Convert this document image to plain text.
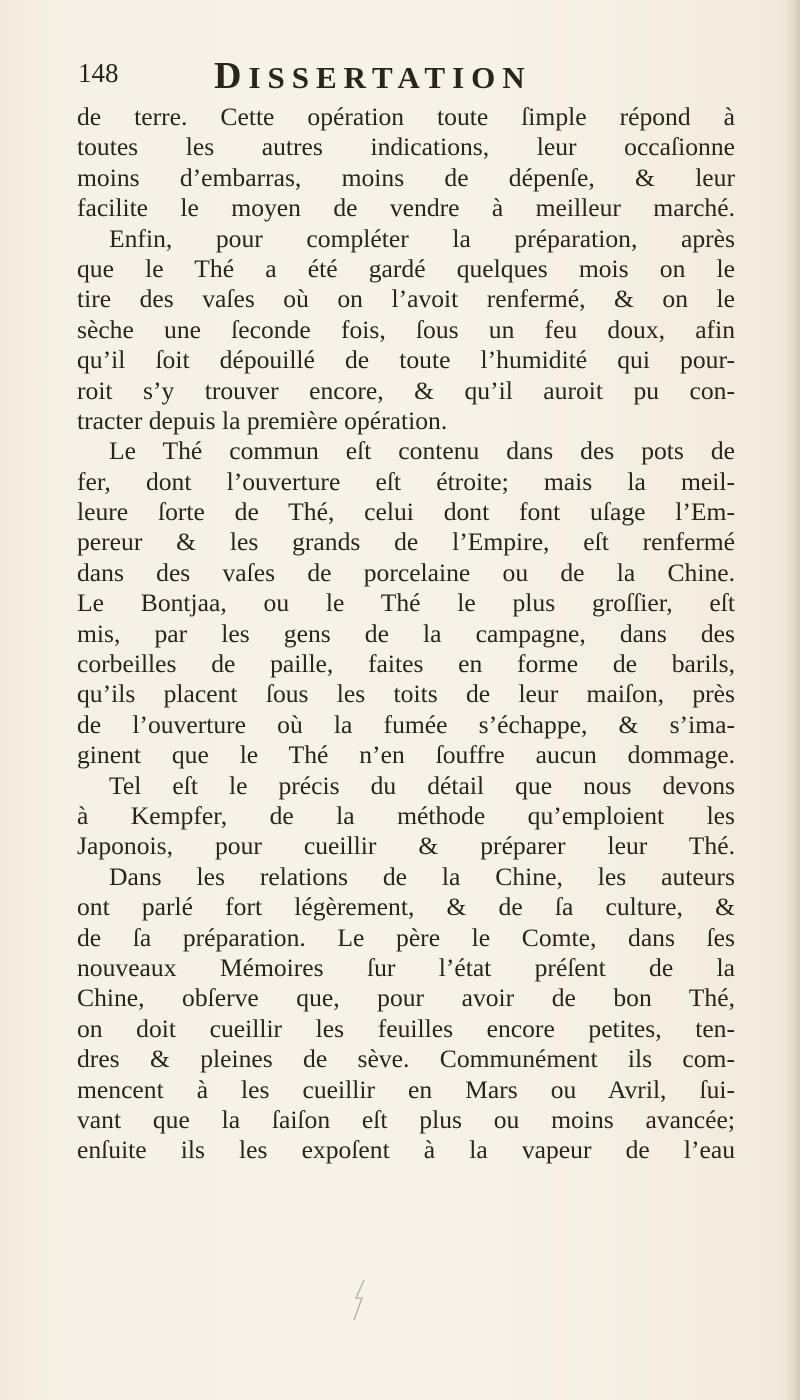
148	DISSERTATION
de terre. Cette opération toute ſimple répond à
toutes les autres indications, leur occaſionne
moins d’embarras, moins de dépenſe, & leur
facilite le moyen de vendre à meilleur marché.
Enfin, pour compléter la préparation, après
que le Thé a été gardé quelques mois on le
tire des vaſes où on l’avoit renfermé, & on le
sèche une ſeconde fois, ſous un feu doux, afin
qu’il ſoit dépouillé de toute l’humidité qui pour-
roit s’y trouver encore, & qu’il auroit pu con-
tracter depuis la première opération.
Le Thé commun eſt contenu dans des pots de
fer, dont l’ouverture eſt étroite; mais la meil-
leure ſorte de Thé, celui dont font uſage l’Em-
pereur & les grands de l’Empire, eſt renfermé
dans des vaſes de porcelaine ou de la Chine.
Le Bontjaa, ou le Thé le plus groſſier, eſt
mis, par les gens de la campagne, dans des
corbeilles de paille, faites en forme de barils,
qu’ils placent ſous les toits de leur maiſon, près
de l’ouverture où la fumée s’échappe, & s’ima-
ginent que le Thé n’en ſouffre aucun dommage.
Tel eſt le précis du détail que nous devons
à Kempfer, de la méthode qu’emploient les
Japonois, pour cueillir & préparer leur Thé.
Dans les relations de la Chine, les auteurs
ont parlé fort légèrement, & de ſa culture, &
de ſa préparation. Le père le Comte, dans ſes
nouveaux Mémoires ſur l’état préſent de la
Chine, obſerve que, pour avoir de bon Thé,
on doit cueillir les feuilles encore petites, ten-
dres & pleines de sève. Communément ils com-
mencent à les cueillir en Mars ou Avril, ſui-
vant que la ſaiſon eſt plus ou moins avancée;
enſuite ils les expoſent à la vapeur de l’eau
